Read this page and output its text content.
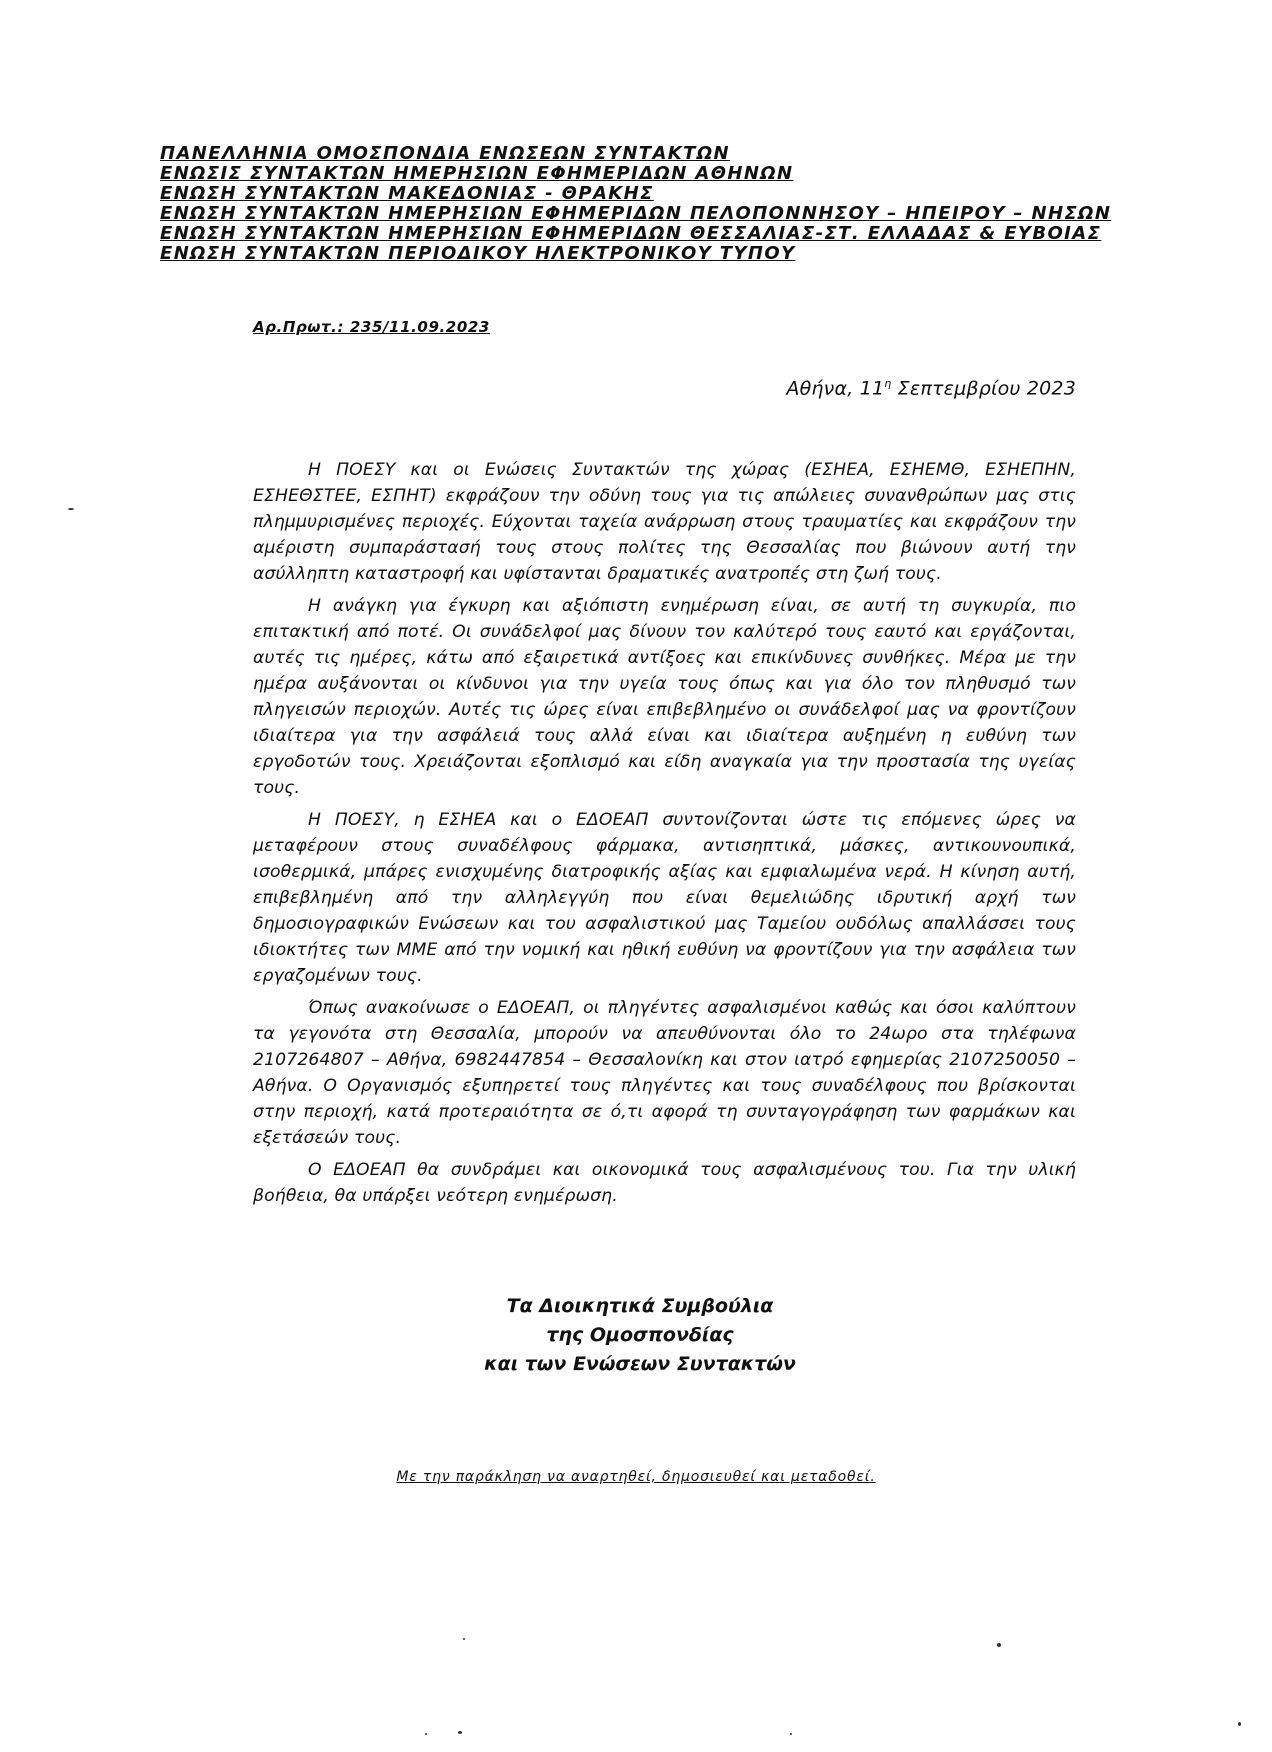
ΠΑΝΕΛΛΗΝΙΑ ΟΜΟΣΠΟΝΔΙΑ ΕΝΩΣΕΩΝ ΣΥΝΤΑΚΤΩΝ

ΕΝΩΣΙΣ ΣΥΝΤΑΚΤΩΝ ΗΜΕΡΗΣΙΩΝ ΕΦΗΜΕΡΙΔΩΝ ΑΘΗΝΩΝ

ΕΝΩΣΗ ΣΥΝΤΑΚΤΩΝ ΜΑΚΕΔΟΝΙΑΣ - ΘΡΑΚΗΣ

ΕΝΩΣΗ ΣΥΝΤΑΚΤΩΝ ΗΜΕΡΗΣΙΩΝ ΕΦΗΜΕΡΙΔΩΝ ΠΕΛΟΠΟΝΝΗΣΟΥ – ΗΠΕΙΡΟΥ – ΝΗΣΩΝ

ΕΝΩΣΗ ΣΥΝΤΑΚΤΩΝ ΗΜΕΡΗΣΙΩΝ ΕΦΗΜΕΡΙΔΩΝ ΘΕΣΣΑΛΙΑΣ-ΣΤ. ΕΛΛΑΔΑΣ & ΕΥΒΟΙΑΣ

ΕΝΩΣΗ ΣΥΝΤΑΚΤΩΝ ΠΕΡΙΟΔΙΚΟΥ ΗΛΕΚΤΡΟΝΙΚΟΥ ΤΥΠΟΥ

Αρ.Πρωτ.: 235/11.09.2023
Αθήνα, $11^\eta$ Σεπτεμβρίου 2023

Η ΠΟΕΣΥ και οι Ενώσεις Συντακτών της χώρας (ΕΣΗΕΑ, ΕΣΗΕΜΘ, ΕΣΗΕΠΗΝ, ΕΣΗΕΘΣΤΕΕ, ΕΣΠΗΤ) εκφράζουν την οδύνη τους για τις απώλειες συνανθρώπων μας στις πλημμυρισμένες περιοχές. Εύχονται ταχεία ανάρρωση στους τραυματίες και εκφράζουν την αμέριστη συμπαράστασή τους στους πολίτες της Θεσσαλίας που βιώνουν αυτή την ασύλληπτη καταστροφή και υφίστανται δραματικές ανατροπές στη ζωή τους.

Η ανάγκη για έγκυρη και αξιόπιστη ενημέρωση είναι, σε αυτή τη συγκυρία, πιο επιτακτική από ποτέ. Οι συνάδελφοί μας δίνουν τον καλύτερό τους εαυτό και εργάζονται, αυτές τις ημέρες, κάτω από εξαιρετικά αντίξοες και επικίνδυνες συνθήκες. Μέρα με την ημέρα αυξάνονται οι κίνδυνοι για την υγεία τους όπως και για όλο τον πληθυσμό των πληγεισών περιοχών. Αυτές τις ώρες είναι επιβεβλημένο οι συνάδελφοί μας να φροντίζουν ιδιαίτερα για την ασφάλειά τους αλλά είναι και ιδιαίτερα αυξημένη η ευθύνη των εργοδοτών τους. Χρειάζονται εξοπλισμό και είδη αναγκαία για την προστασία της υγείας τους.

Η ΠΟΕΣΥ, η ΕΣΗΕΑ και ο ΕΔΟΕΑΠ συντονίζονται ώστε τις επόμενες ώρες να μεταφέρουν στους συναδέλφους φάρμακα, αντισηπτικά, μάσκες, αντικουνουπικά, ισοθερμικά, μπάρες ενισχυμένης διατροφικής αξίας και εμφιαλωμένα νερά. Η κίνηση αυτή, επιβεβλημένη από την αλληλεγγύη που είναι θεμελιώδης ιδρυτική αρχή των δημοσιογραφικών Ενώσεων και του ασφαλιστικού μας Ταμείου ουδόλως απαλλάσσει τους ιδιοκτήτες των ΜΜΕ από την νομική και ηθική ευθύνη να φροντίζουν για την ασφάλεια των εργαζομένων τους.

Όπως ανακοίνωσε ο ΕΔΟΕΑΠ, οι πληγέντες ασφαλισμένοι καθώς και όσοι καλύπτουν τα γεγονότα στη Θεσσαλία, μπορούν να απευθύνονται όλο το 24ωρο στα τηλέφωνα 2107264807 – Αθήνα, 6982447854 – Θεσσαλονίκη και στον ιατρό εφημερίας 2107250050 – Αθήνα. Ο Οργανισμός εξυπηρετεί τους πληγέντες και τους συναδέλφους που βρίσκονται στην περιοχή, κατά προτεραιότητα σε ό,τι αφορά τη συνταγογράφηση των φαρμάκων και εξετάσεών τους.

Ο ΕΔΟΕΑΠ θα συνδράμει και οικονομικά τους ασφαλισμένους του. Για την υλική βοήθεια, θα υπάρξει νεότερη ενημέρωση.

Τα Διοικητικά Συμβούλια

της Ομοσπονδίας

και των Ενώσεων Συντακτών

Με την παράκληση να αναρτηθεί, δημοσιευθεί και μεταδοθεί.
